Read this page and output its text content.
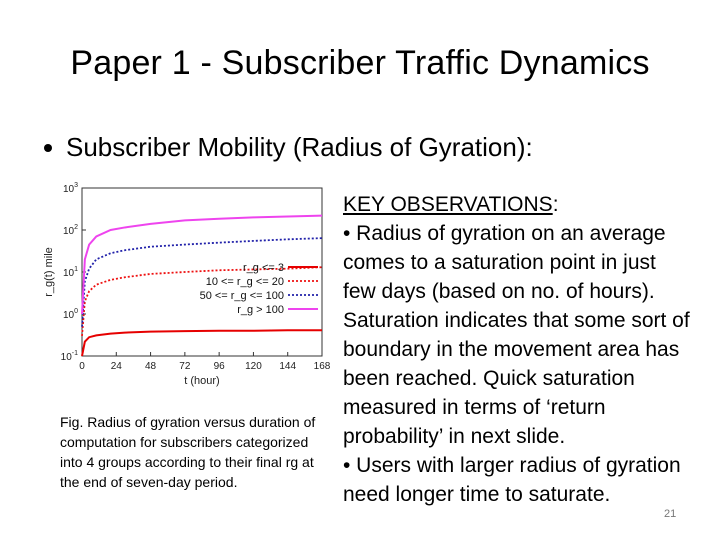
Paper 1 - Subscriber Traffic Dynamics
Subscriber Mobility (Radius of Gyration):
0	24 48 72 96 120 144 168
$10^{-1}$
$10^0$
$10^1$
$10^2$
$10^3$
t (hour)
r_g(t) mile	r_g <= 3
10 <= r_g <= 20
50 <= r_g <= 100
r_g > 100
Fig. Radius of gyration versus duration of computation for subscribers categorized into 4 groups according to their final rg at the end of seven-day period.
KEY OBSERVATIONS:
• Radius of gyration on an average comes to a saturation point in just few days (based on no. of hours). Saturation indicates that some sort of boundary in the movement area has been reached. Quick saturation measured in terms of ‘return probability’ in next slide.
• Users with larger radius of gyration need longer time to saturate.
21
